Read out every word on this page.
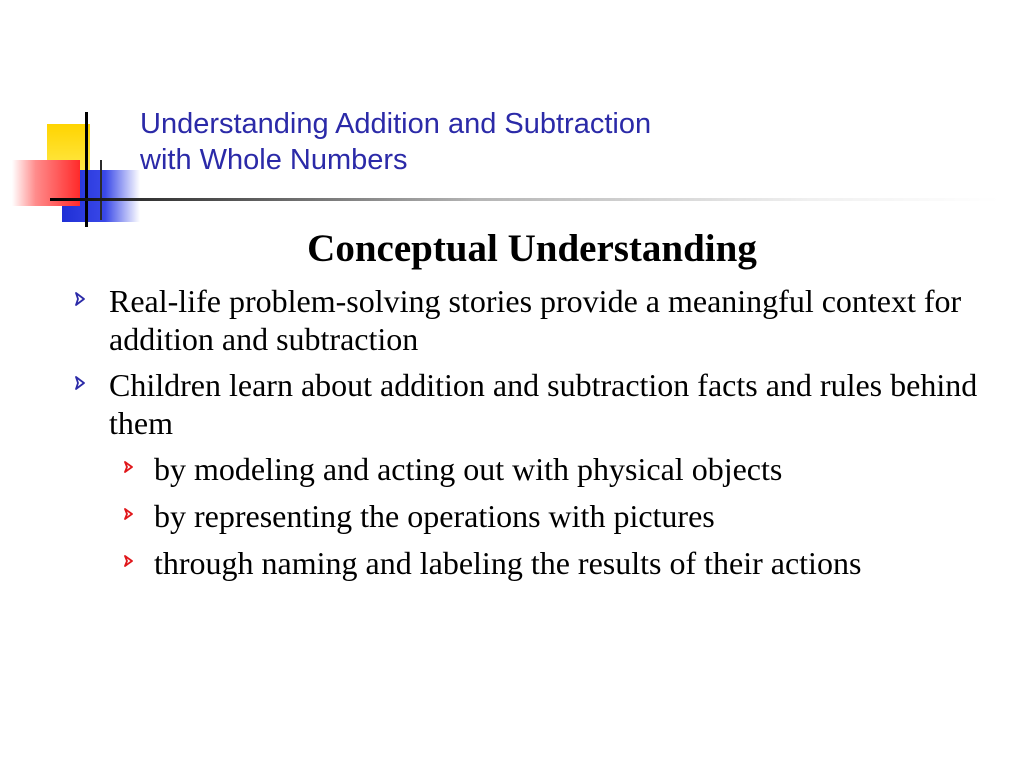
Understanding Addition and Subtraction
with Whole Numbers
Conceptual Understanding
Real-life problem-solving stories provide a meaningful context for addition and subtraction
Children learn about addition and subtraction facts and rules behind them
by modeling and acting out with physical objects
by representing the operations with pictures
through naming and labeling the results of their actions
